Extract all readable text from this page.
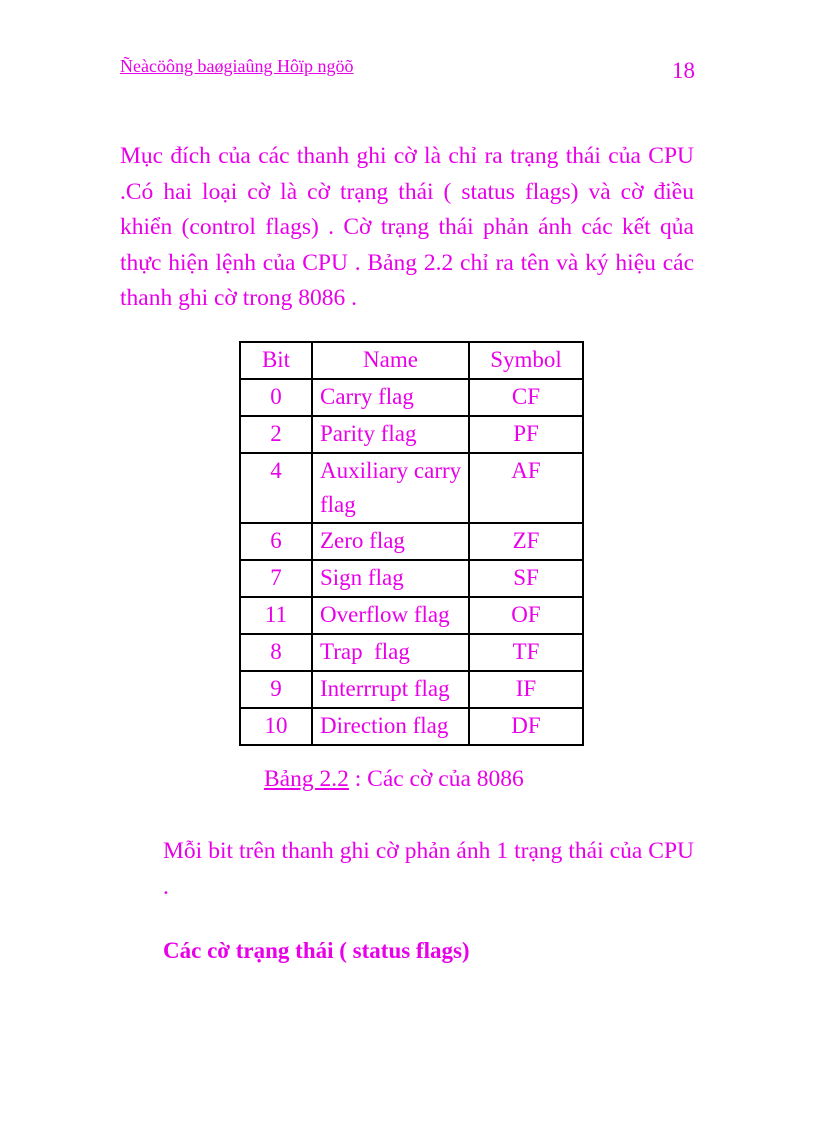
Ñeàcöông baøgiaûng Hôïp ngöõ	18

Mục đích của các thanh ghi cờ là chỉ ra trạng thái của CPU .Có hai loại cờ là cờ trạng thái ( status flags) và cờ điều khiển (control flags) . Cờ trạng thái phản ánh các kết qủa thực hiện lệnh của CPU . Bảng 2.2 chỉ ra tên và ký hiệu các thanh ghi cờ trong 8086 .

Bit	Name	Symbol
0	Carry flag	CF
2	Parity flag	PF
4	Auxiliary carry flag	AF
6	Zero flag	ZF
7	Sign flag	SF
11	Overflow flag	OF
8	Trap  flag	TF
9	Interrrupt flag	IF
10	Direction flag	DF
Bảng 2.2 : Các cờ của 8086

Mỗi bit trên thanh ghi cờ phản ánh 1 trạng thái của CPU .

Các cờ trạng thái ( status flags)
